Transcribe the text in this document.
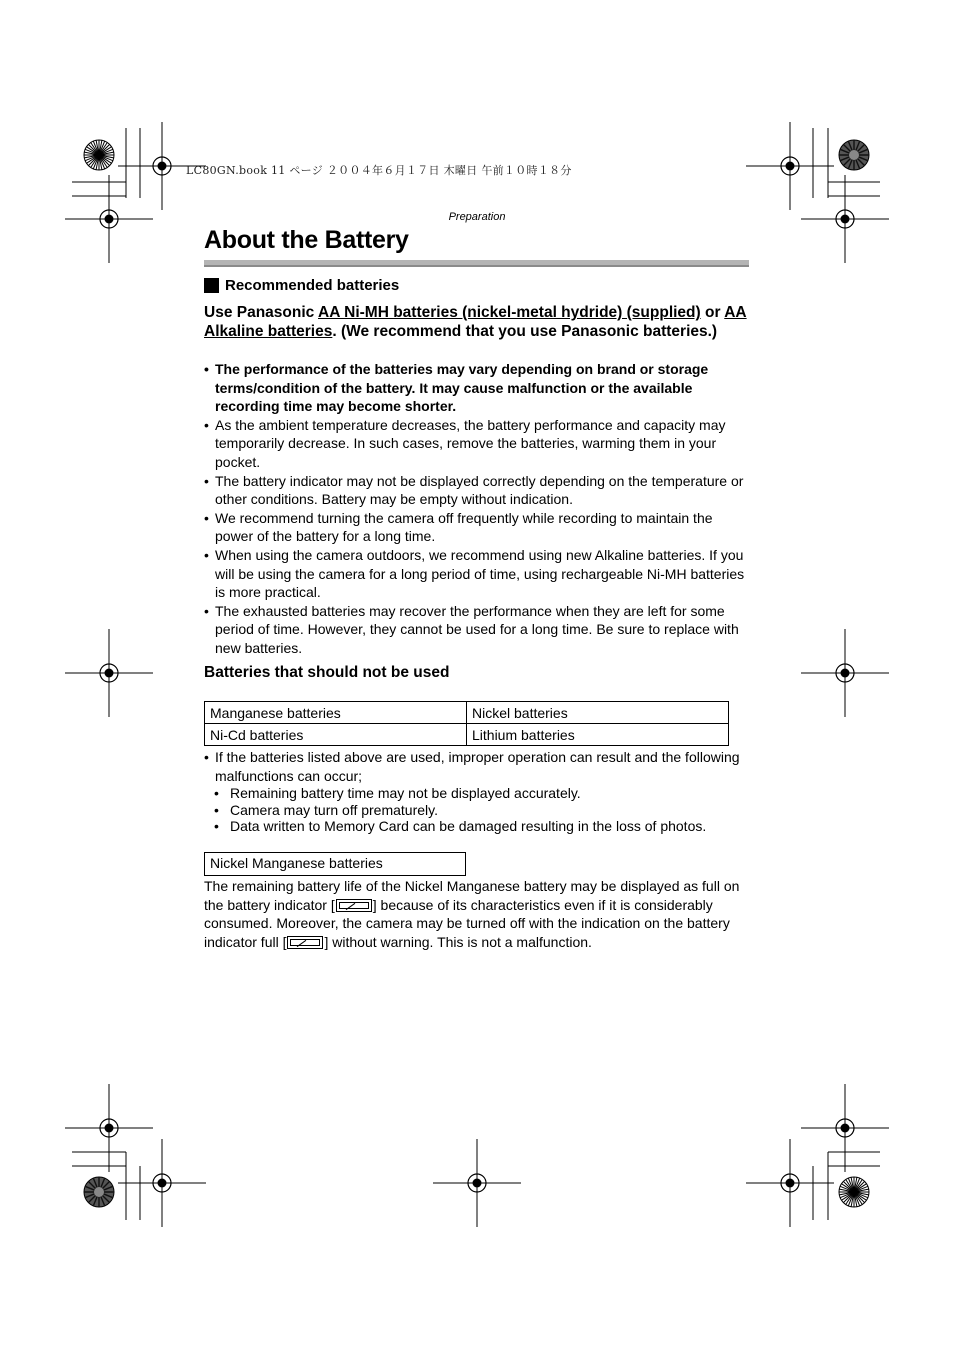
LC80GN.book 11 ページ ２００４年６月１７日 木曜日 午前１０時１８分
Preparation
About the Battery
Recommended batteries
Use Panasonic AA Ni-MH batteries (nickel-metal hydride) (supplied) or AA Alkaline batteries. (We recommend that you use Panasonic batteries.)
• The performance of the batteries may vary depending on brand or storage terms/condition of the battery. It may cause malfunction or the available recording time may become shorter.
• As the ambient temperature decreases, the battery performance and capacity may temporarily decrease. In such cases, remove the batteries, warming them in your pocket.
• The battery indicator may not be displayed correctly depending on the temperature or other conditions. Battery may be empty without indication.
• We recommend turning the camera off frequently while recording to maintain the power of the battery for a long time.
• When using the camera outdoors, we recommend using new Alkaline batteries. If you will be using the camera for a long period of time, using rechargeable Ni-MH batteries is more practical.
• The exhausted batteries may recover the performance when they are left for some period of time. However, they cannot be used for a long time. Be sure to replace with new batteries.
Batteries that should not be used
Manganese batteries	Nickel batteries
Ni-Cd batteries	Lithium batteries
• If the batteries listed above are used, improper operation can result and the following malfunctions can occur;
• Remaining battery time may not be displayed accurately.
• Camera may turn off prematurely.
• Data written to Memory Card can be damaged resulting in the loss of photos.
Nickel Manganese batteries
The remaining battery life of the Nickel Manganese battery may be displayed as full on the battery indicator [	] because of its characteristics even if it is considerably consumed. Moreover, the camera may be turned off with the indication on the battery indicator full [	] without warning. This is not a malfunction.
